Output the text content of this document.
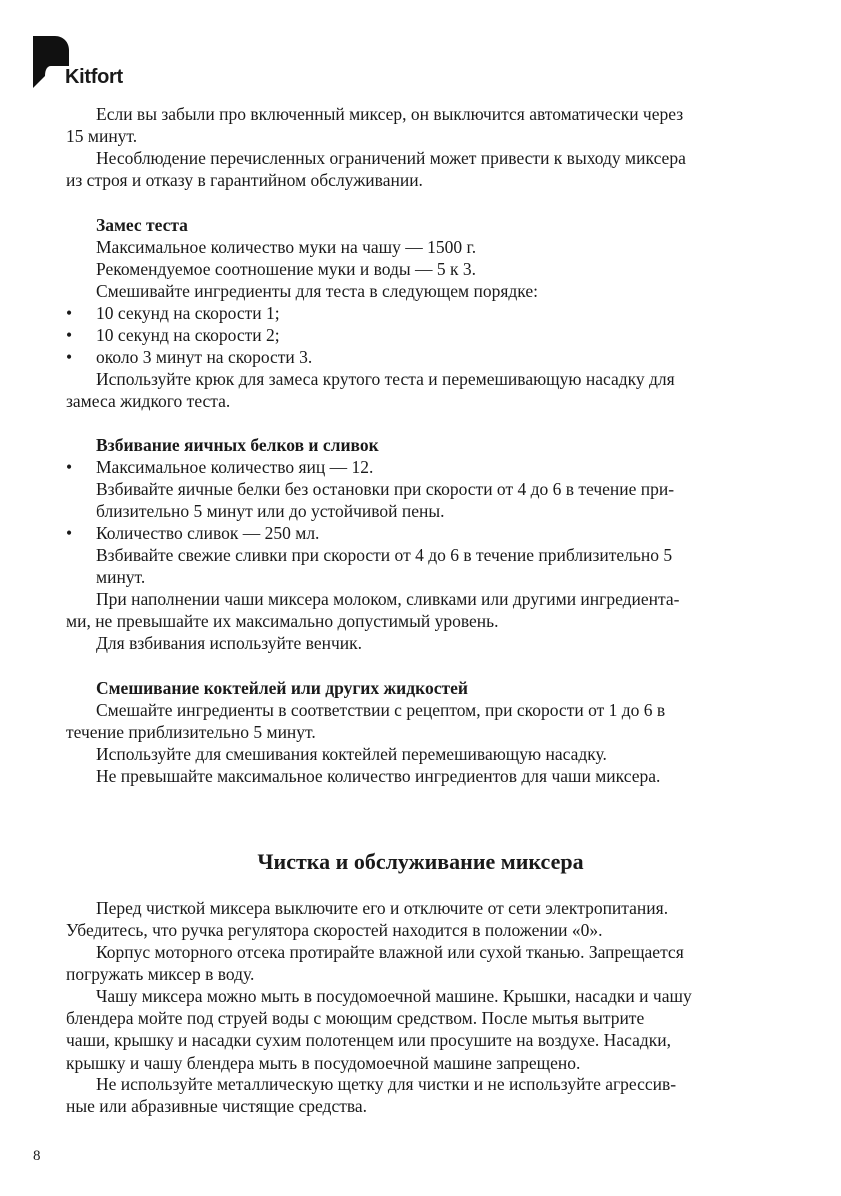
Kitfort
Если вы забыли про включенный миксер, он выключится автоматически через
15 минут.
Несоблюдение перечисленных ограничений может привести к выходу миксера
из строя и отказу в гарантийном обслуживании.
Замес теста
Максимальное количество муки на чашу — 1500 г.
Рекомендуемое соотношение муки и воды — 5 к 3.
Смешивайте ингредиенты для теста в следующем порядке:
• 10 секунд на скорости 1;
• 10 секунд на скорости 2;
• около 3 минут на скорости 3.
Используйте крюк для замеса крутого теста и перемешивающую насадку для
замеса жидкого теста.
Взбивание яичных белков и сливок
• Максимальное количество яиц — 12.
Взбивайте яичные белки без остановки при скорости от 4 до 6 в течение при-
близительно 5 минут или до устойчивой пены.
• Количество сливок — 250 мл.
Взбивайте свежие сливки при скорости от 4 до 6 в течение приблизительно 5
минут.
При наполнении чаши миксера молоком, сливками или другими ингредиента-
ми, не превышайте их максимально допустимый уровень.
Для взбивания используйте венчик.
Смешивание коктейлей или других жидкостей
Смешайте ингредиенты в соответствии с рецептом, при скорости от 1 до 6 в
течение приблизительно 5 минут.
Используйте для смешивания коктейлей перемешивающую насадку.
Не превышайте максимальное количество ингредиентов для чаши миксера.
Чистка и обслуживание миксера
Перед чисткой миксера выключите его и отключите от сети электропитания.
Убедитесь, что ручка регулятора скоростей находится в положении «0».
Корпус моторного отсека протирайте влажной или сухой тканью. Запрещается
погружать миксер в воду.
Чашу миксера можно мыть в посудомоечной машине. Крышки, насадки и чашу
блендера мойте под струей воды с моющим средством. После мытья вытрите
чаши, крышку и насадки сухим полотенцем или просушите на воздухе. Насадки,
крышку и чашу блендера мыть в посудомоечной машине запрещено.
Не используйте металлическую щетку для чистки и не используйте агрессив-
ные или абразивные чистящие средства.
8
